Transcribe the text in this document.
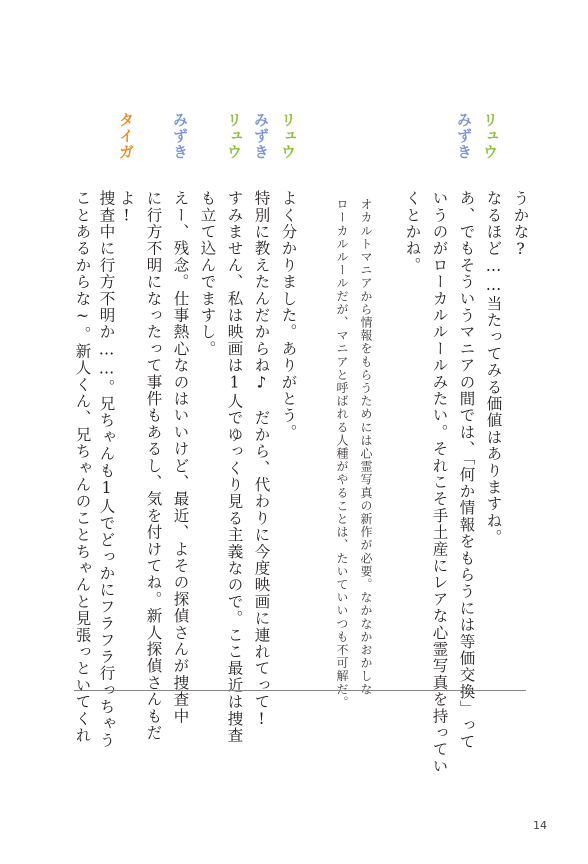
みずき リュウ
リュウ
みずき
リュウ
みずき
タイガ
うかな?
なるほど……当たってみる価値はありますね。
あ、でもそういうマニアの間では、「何か情報をもらうには等価交換」って
いうのがローカルルールみたい。それこそ手土産にレアな心霊写真を持ってい
くとかね。
オカルトマニアから情報をもらうためには心霊写真の新作が必要。なかなかおかしな
ローカルルールだが、マニアと呼ばれる人種がやることは、たいていいつも不可解だ。
よく分かりました。ありがとう。
特別に教えたんだからね♪　だから、代わりに今度映画に連れてって!
すみません、私は映画は1人でゆっくり見る主義なので。ここ最近は捜査
も立て込んでますし。
えー、残念。仕事熱心なのはいいけど、最近、よその探偵さんが捜査中
に行方不明になったって事件もあるし、気を付けてね。新人探偵さんもだ
よ!
捜査中に行方不明か……。兄ちゃんも1人でどっかにフラフラ行っちゃう
ことあるからな~。新人くん、兄ちゃんのことちゃんと見張っといてくれ
14
